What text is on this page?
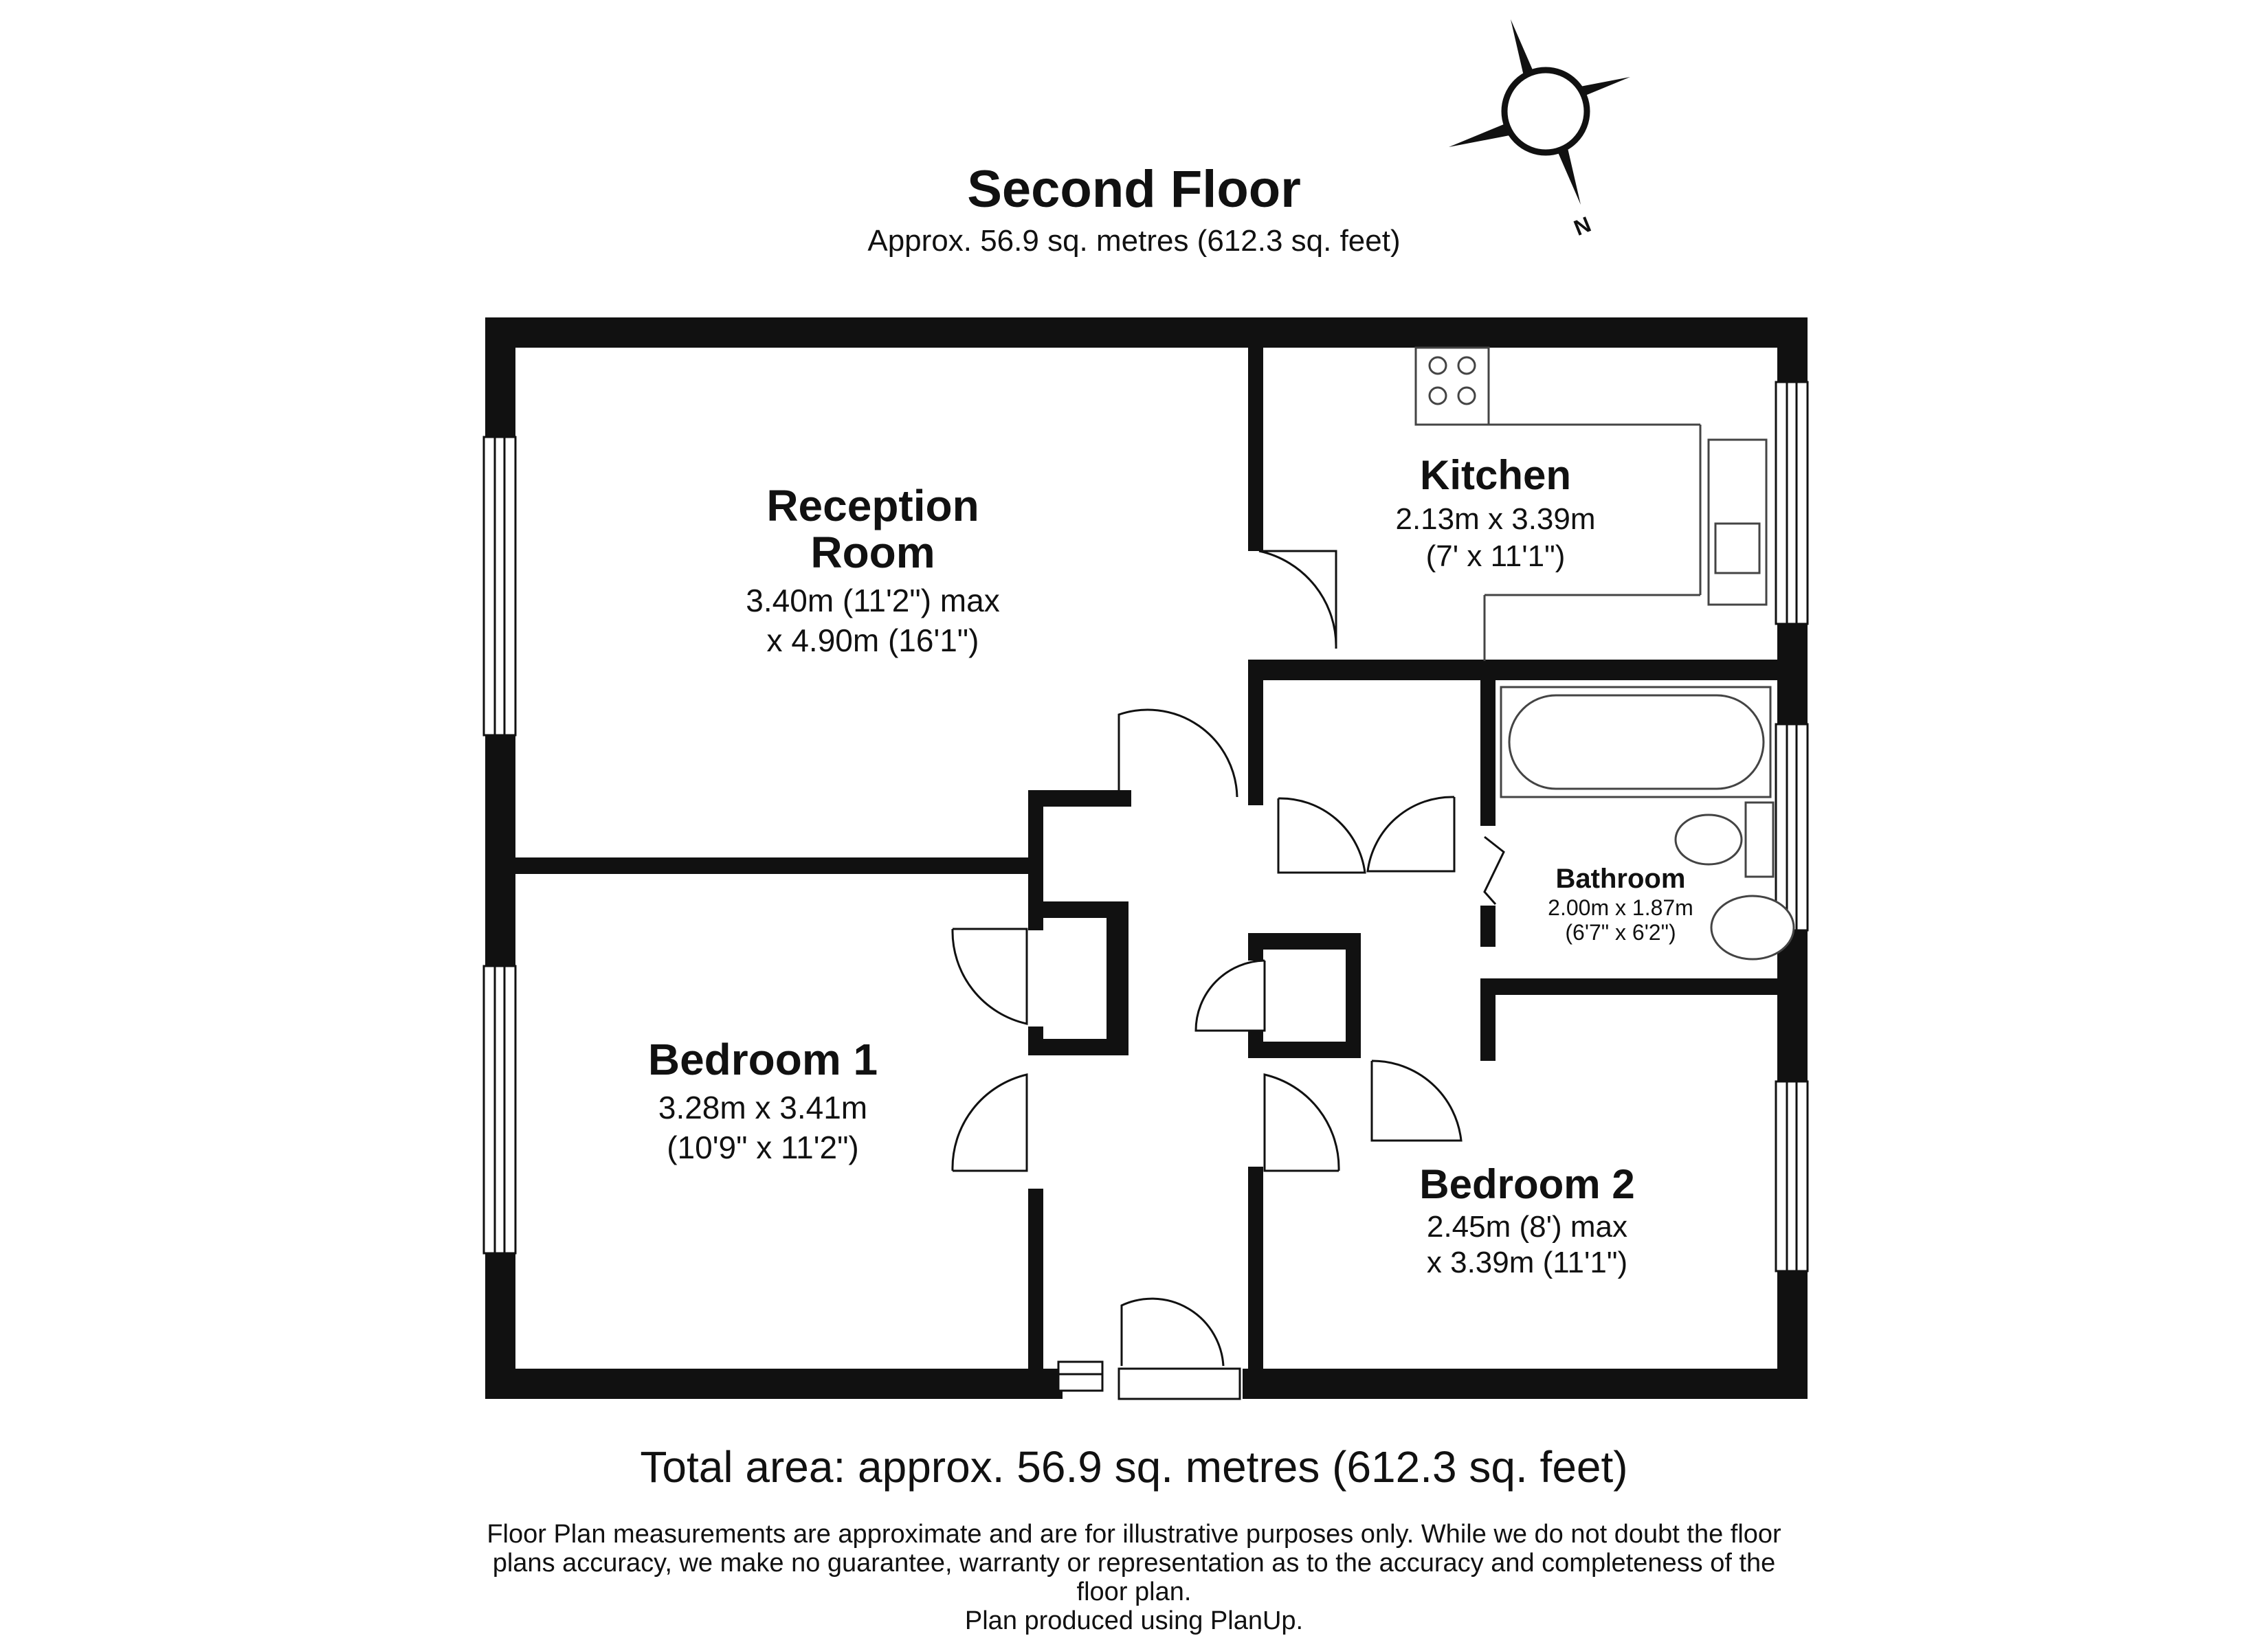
Second Floor
Approx. 56.9 sq. metres (612.3 sq. feet)	N
Reception
Room
3.40m (11'2") max
x 4.90m (16'1")
Kitchen
2.13m x 3.39m
(7' x 11'1")
Bathroom
2.00m x 1.87m
(6'7" x 6'2")
Bedroom 1
3.28m x 3.41m
(10'9" x 11'2")
Bedroom 2
2.45m (8') max
x 3.39m (11'1")
Total area: approx. 56.9 sq. metres (612.3 sq. feet)
Floor Plan measurements are approximate and are for illustrative purposes only. While we do not doubt the floor
plans accuracy, we make no guarantee, warranty or representation as to the accuracy and completeness of the
floor plan.
Plan produced using PlanUp.
